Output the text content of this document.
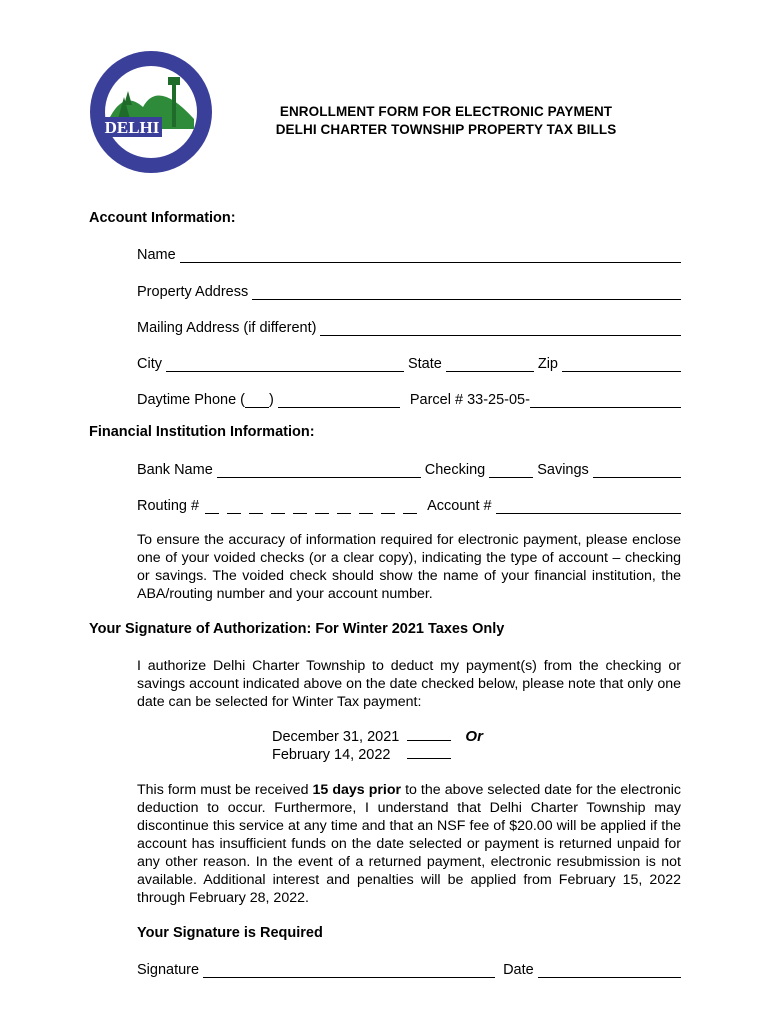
DELHI
ENROLLMENT FORM FOR ELECTRONIC PAYMENT
DELHI CHARTER TOWNSHIP PROPERTY TAX BILLS
Account Information:
Name
Property Address
Mailing Address (if different)
City	State	Zip
Daytime Phone ( )	Parcel # 33-25-05-
Financial Institution Information:
Bank Name	Checking	Savings
Routing #	Account #
To ensure the accuracy of information required for electronic payment, please enclose one of your voided checks (or a clear copy), indicating the type of account – checking or savings. The voided check should show the name of your financial institution, the ABA/routing number and your account number.
Your Signature of Authorization: For Winter 2021 Taxes Only
I authorize Delhi Charter Township to deduct my payment(s) from the checking or savings account indicated above on the date checked below, please note that only one date can be selected for Winter Tax payment:
December 31, 2021	Or
February 14, 2022
This form must be received 15 days prior to the above selected date for the electronic deduction to occur. Furthermore, I understand that Delhi Charter Township may discontinue this service at any time and that an NSF fee of $20.00 will be applied if the account has insufficient funds on the date selected or payment is returned unpaid for any other reason. In the event of a returned payment, electronic resubmission is not available. Additional interest and penalties will be applied from February 15, 2022 through February 28, 2022.
Your Signature is Required
Signature	Date
